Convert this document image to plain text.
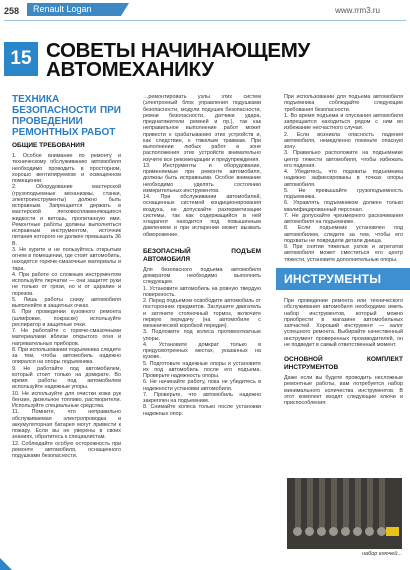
258	Renault Logan	www.rrm3.ru
15 СОВЕТЫ НАЧИНАЮЩЕМУ АВТОМЕХАНИКУ
ТЕХНИКА БЕЗОПАСНОСТИ ПРИ ПРОВЕДЕНИИ РЕМОНТНЫХ РАБОТ
ОБЩИЕ ТРЕБОВАНИЯ

1. Особое внимание по ремонту и техническому обслуживанию автомобиля необходимо проводить в просторном, хорошо вентилируемом и освещенном помещении.

2. Оборудование мастерской (грузоподъемные механизмы, станки, электроинструменты) должно быть исправным. Запрещается держать в мастерской легковоспламеняющиеся жидкости и ветошь, пропитанную ими. Ремонтные работы должны выполняться исправным инструментом, источник питания которого не должен превышать 36 В.

3. Не курите и не пользуйтесь открытым огнем в помещении, где стоит автомобиль, находятся горюче-смазочные материалы и тара.

4. При работе со сложным инструментом используйте перчатки — они защитят руки не только от грязи, но и от царапин и порезов.

5. Лишь работы снизу автомобиля выполняйте в защитных очках.

6. При проведении кузовного ремонта (шлифовке, покраске) используйте респиратор и защитные очки.

7. Не работайте с горюче-смазочными материалами вблизи открытого огня и нагревательных приборов.

8. При использовании подъемника следите за тем, чтобы автомобиль надежно опирался на опоры подъемника.

9. Не работайте под автомобилем, который стоит только на домкрате. Во время работы под автомобилем используйте надежные упоры.

10. Не используйте для очистки кожи рук бензин, дизельное топливо, растворители. Используйте специальные средства.

11. Помните, что неправильно обслуживаемая электропроводка и аккумуляторная батарея могут привести к пожару. Если вы не уверены в своих знаниях, обратитесь к специалистам.

12. Соблюдайте особую осторожность при ремонте автомобиля, оснащенного подушками безопасности.

…ремонтировать узлы этих систем (электронный блок управления подушками безопасности, модули подушек безопасности, ремни безопасности, датчики удара, преднатяжители ремней и пр.), так как неправильное выполнение работ может привести к срабатыванию этих устройств и, как следствие, к тяжелым травмам. При выполнении любых работ в зоне расположения этих устройств внимательно изучите все рекомендации и предупреждения.

13. Инструменты и оборудование, применяемые при ремонте автомобиля, должны быть исправными. Особое внимание необходимо уделять состоянию измерительных инструментов.

14. При обслуживании автомобилей, оснащенных системой кондиционирования воздуха, не допускайте разгерметизации системы, так как содержащийся в ней хладагент находится под повышенным давлением и при испарении может вызвать обморожение.

БЕЗОПАСНЫЙ ПОДЪЕМ АВТОМОБИЛЯ

Для безопасного подъема автомобиля домкратом необходимо выполнить следующее.

1. Установите автомобиль на ровную твердую поверхность.

2. Перед подъемом освободите автомобиль от посторонних предметов. Заглушите двигатель и затяните стояночный тормоз, включите первую передачу (на автомобиле с механической коробкой передач).

3. Подложите под колеса противооткатные упоры.

4. Установите домкрат только в предусмотренных местах, указанных на кузове.

5. Подготовьте надежные опоры и установите их под автомобиль после его подъема. Проверьте надежность опоры.

6. Не начинайте работу, пока не убедитесь в надежности установки автомобиля.

7. Проверьте, что автомобиль надежно закреплен на подъемнике.

8. Снимайте колеса только после установки надежных опор.

При использовании для подъема автомобиля подъемника соблюдайте следующие требования безопасности.

1. Во время подъема и опускания автомобиля запрещается находиться рядом с ним во избежание несчастного случая.

2. Если возникла опасность падения автомобиля, немедленно покиньте опасную зону.

3. Правильно расположите на подъемнике центр тяжести автомобиля, чтобы избежать его падения.

4. Убедитесь, что подхваты подъемника надежно зафиксированы в точках опоры автомобиля.

5. Не превышайте грузоподъемность подъемника.

6. Управлять подъемником должен только квалифицированный персонал.

7. Не допускайте чрезмерного раскачивания автомобиля на подъемнике.

8. Если подъемник установлен под автомобилем, следите за тем, чтобы его подхваты не повредили детали днища.

9. При снятии тяжелых узлов и агрегатов автомобиля может сместиться его центр тяжести, установите дополнительные опоры.

ИНСТРУМЕНТЫ

При проведении ремонта или технического обслуживания автомобиля необходимо иметь набор инструментов, который можно приобрести в магазине автомобильных запчастей. Хороший инструмент — залог успешного ремонта. Выбирайте качественный инструмент проверенных производителей, он не подведет в самый ответственный момент.

ОСНОВНОЙ КОМПЛЕКТ ИНСТРУМЕНТОВ

Даже если вы будете проводить несложные ремонтные работы, вам потребуется набор минимального количества инструментов. В этот комплект входят следующие ключи и приспособления:

набор ключей...
